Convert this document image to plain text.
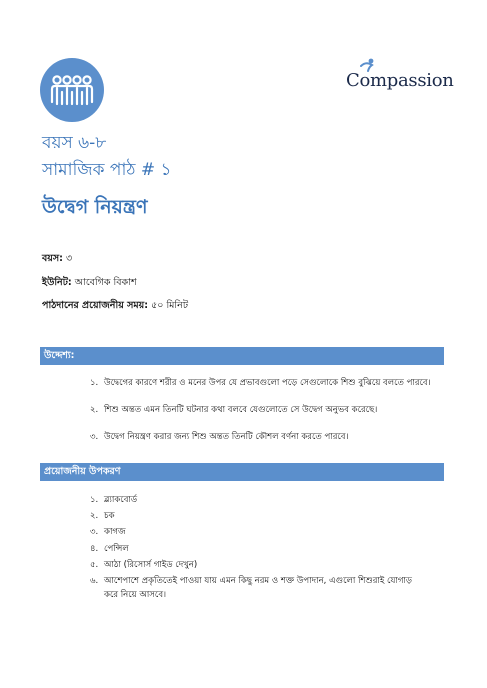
Compassion
বয়স ৬-৮
সামাজিক পাঠ # ১
উদ্বেগ নিয়ন্ত্রণ
বয়স: ৩
ইউনিট: আবেগিক বিকাশ
পাঠদানের প্রয়োজনীয় সময়: ৫০ মিনিট
উদ্দেশ্য:
১. উদ্বেগের কারণে শরীর ও মনের উপর যে প্রভাবগুলো পড়ে সেগুলোকে শিশু বুঝিয়ে বলতে পারবে।
২. শিশু অন্তত এমন তিনটি ঘটনার কথা বলবে যেগুলোতে সে উদ্বেগ অনুভব করেছে।
৩. উদ্বেগ নিয়ন্ত্রণ করার জন্য শিশু অন্তত তিনটি কৌশল বর্ণনা করতে পারবে।
প্রয়োজনীয় উপকরণ
১. ব্ল্যাকবোর্ড
২. চক
৩. কাগজ
৪. পেন্সিল
৫. আঠা (রিসোর্স গাইড দেখুন)
৬. আশেপাশে প্রকৃতিতেই পাওয়া যায় এমন কিছু নরম ও শক্ত উপাদান, এগুলো শিশুরাই যোগাড় করে নিয়ে আসবে।
